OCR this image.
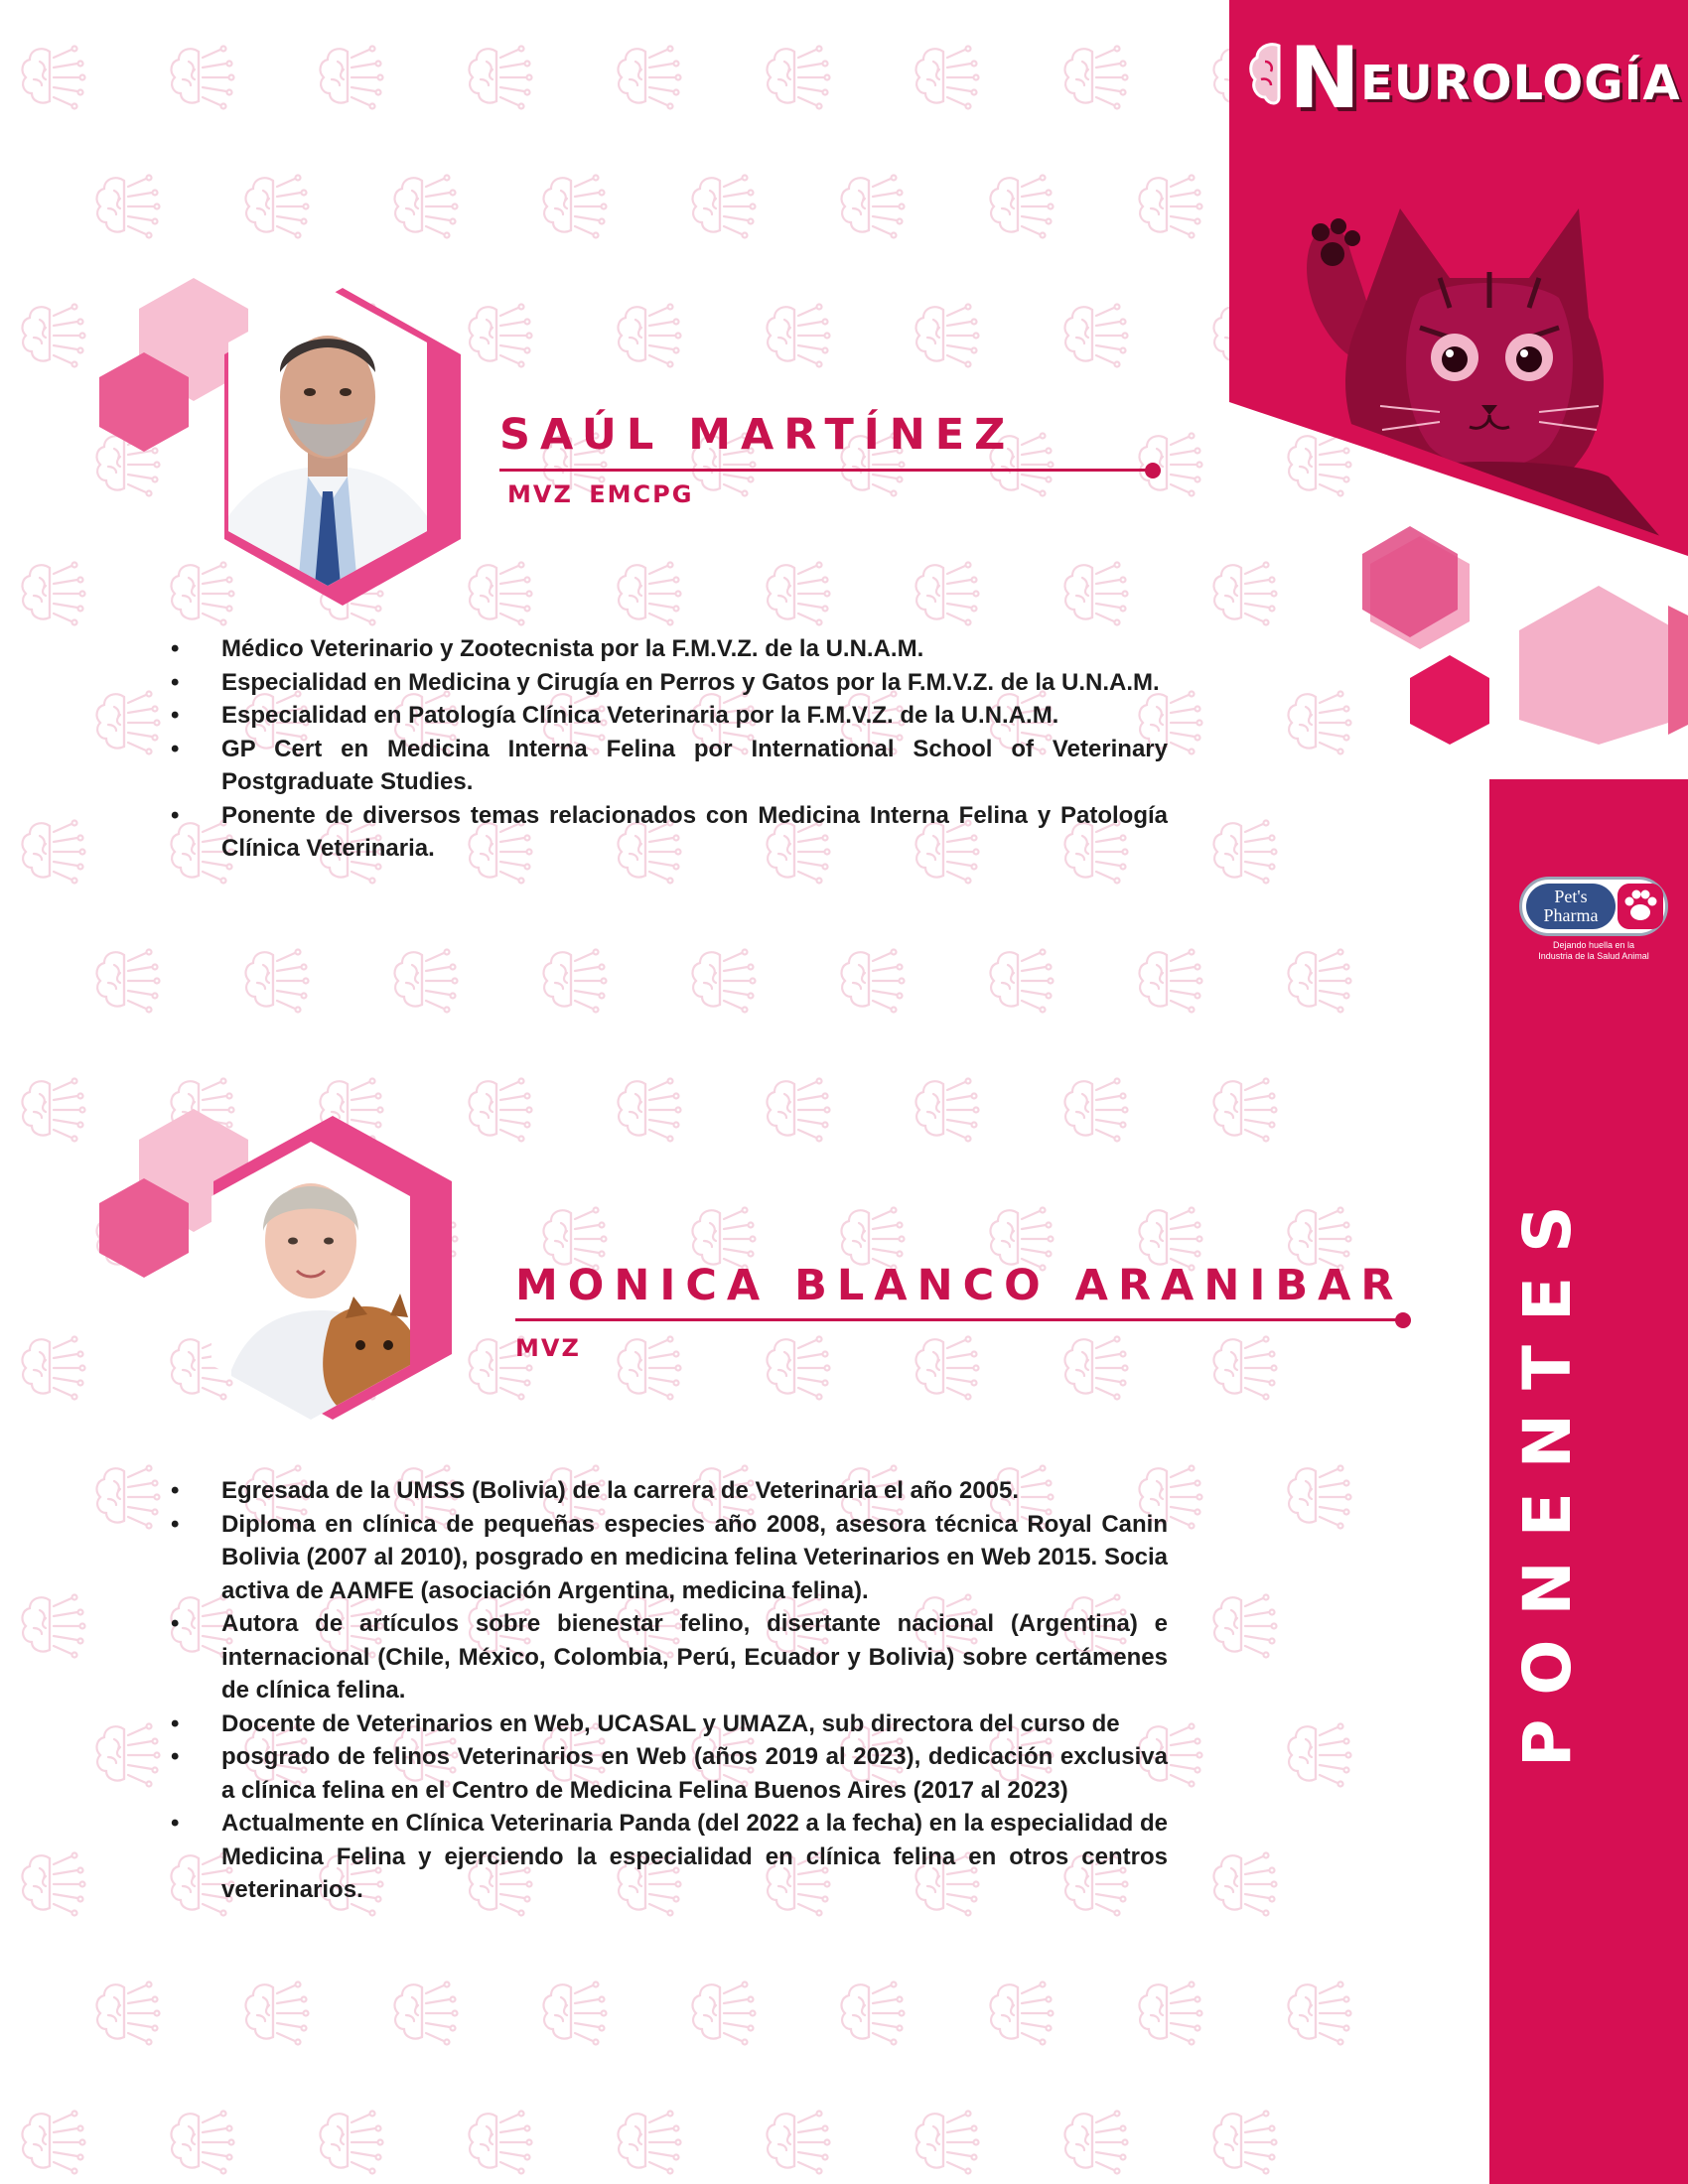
N EUROLOGÍA
Pet's
Pharma
Dejando huella en la
Industria de la Salud Animal
SAÚL MARTÍNEZ
MVZ EMCPG
• Médico Veterinario y Zootecnista por la F.M.V.Z. de la U.N.A.M.
• Especialidad en Medicina y Cirugía en Perros y Gatos por la F.M.V.Z. de la U.N.A.M.
• Especialidad en Patología Clínica Veterinaria por la F.M.V.Z. de la U.N.A.M.
• GP Cert en Medicina Interna Felina por International School of Veterinary Postgraduate Studies.
• Ponente de diversos temas relacionados con Medicina Interna Felina y Patología Clínica Veterinaria.
MONICA BLANCO ARANIBAR
MVZ
• Egresada de la UMSS (Bolivia) de la carrera de Veterinaria el año 2005.
• Diploma en clínica de pequeñas especies año 2008, asesora técnica Royal Canin Bolivia (2007 al 2010), posgrado en medicina felina Veterinarios en Web 2015. Socia activa de AAMFE (asociación Argentina, medicina felina).
• Autora de artículos sobre bienestar felino, disertante nacional (Argentina) e internacional (Chile, México, Colombia, Perú, Ecuador y Bolivia) sobre certámenes de clínica felina.
• Docente de Veterinarios en Web, UCASAL y UMAZA, sub directora del curso de
• posgrado de felinos Veterinarios en Web (años 2019 al 2023), dedicación exclusiva a clínica felina en el Centro de Medicina Felina Buenos Aires (2017 al 2023)
• Actualmente en Clínica Veterinaria Panda (del 2022 a la fecha) en la especialidad de Medicina Felina y ejerciendo la especialidad en clínica felina en otros centros veterinarios.
